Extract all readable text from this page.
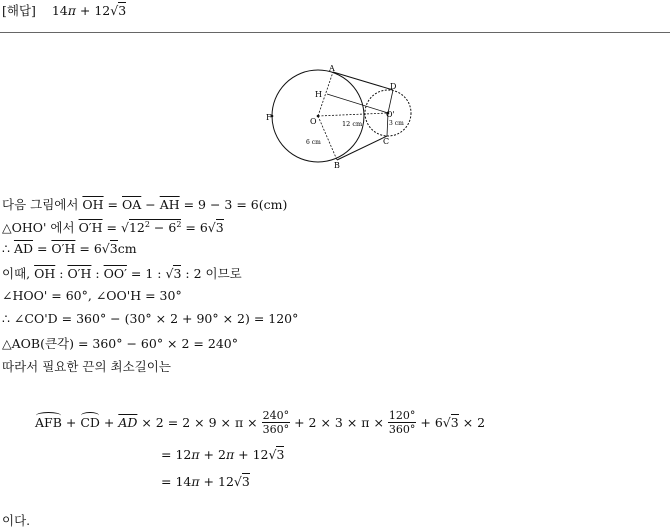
[해답] 14π + 12√3
A
D
H
O
O'
F
C
B
12 cm	3 cm
6 cm
다음 그림에서 $\overline{OH} = \overline{OA} - \overline{AH} = 9 - 3 = 6(cm)$
△OHO' 에서 $O'H = √12^2 - 6^2 = 6√3$
∴ $\overline{AD} = O'H = 6√3cm$
이때, $\overline{OH}$ : O′H : OO′ = 1 : √3 : 2 이므로
∠HOO' = 60°, ∠OO'H = 30°
∴ ∠CO'D = 360° − (30° × 2 + 90° × 2) = 120°
△AOB(큰각) = 360° − 60° × 2 = 240°
따라서 필요한 끈의 최소길이는
AFB + CD + $\overline{AD} \times 2 = 2 \times 9 \times \pi$ ×
$\frac{240^\circ}{360^\circ}$
+ 2 × 3 × π ×
$\frac{120^\circ}{360^\circ}$
+ 6√3 × 2
= 12π + 2π + 12√3
= 14π + 12√3
이다.
